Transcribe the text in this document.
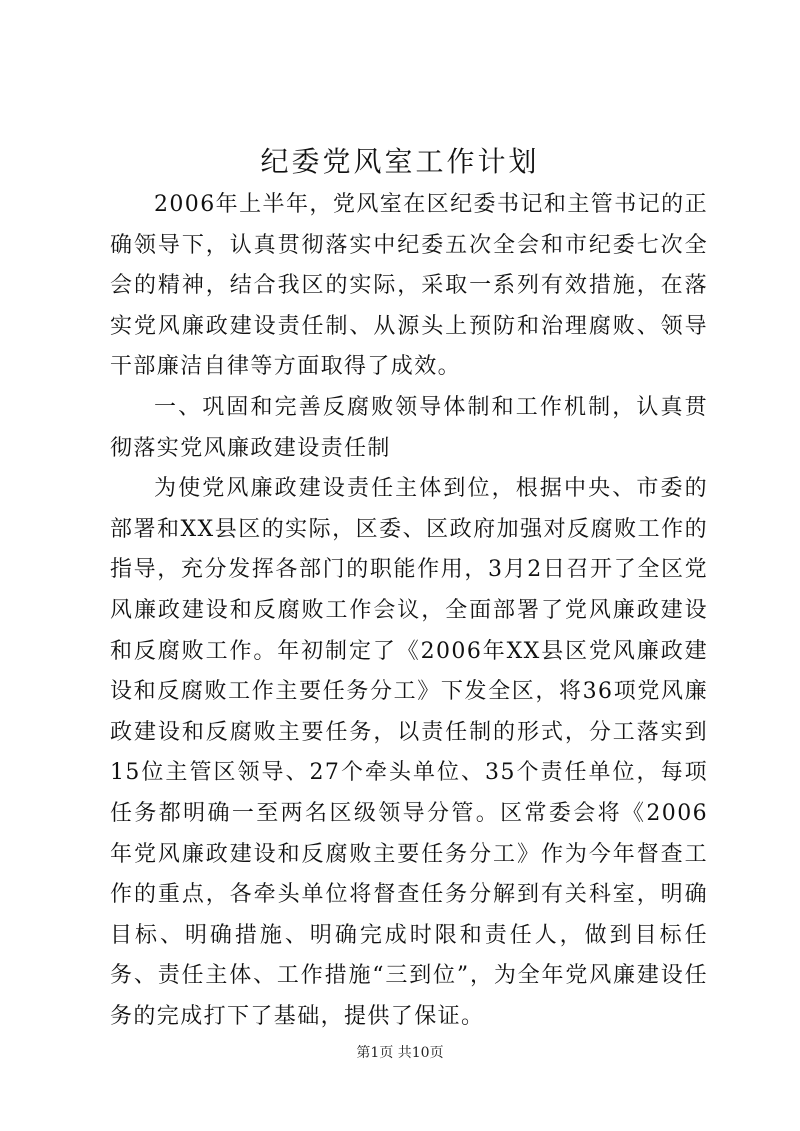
纪委党风室工作计划

2006年上半年，党风室在区纪委书记和主管书记的正确领导下，认真贯彻落实中纪委五次全会和市纪委七次全会的精神，结合我区的实际，采取一系列有效措施，在落实党风廉政建设责任制、从源头上预防和治理腐败、领导干部廉洁自律等方面取得了成效。

一、巩固和完善反腐败领导体制和工作机制，认真贯彻落实党风廉政建设责任制

为使党风廉政建设责任主体到位，根据中央、市委的部署和XX县区的实际，区委、区政府加强对反腐败工作的指导，充分发挥各部门的职能作用，3月2日召开了全区党风廉政建设和反腐败工作会议，全面部署了党风廉政建设和反腐败工作。年初制定了《2006年XX县区党风廉政建设和反腐败工作主要任务分工》下发全区，将36项党风廉政建设和反腐败主要任务，以责任制的形式，分工落实到15位主管区领导、27个牵头单位、35个责任单位，每项任务都明确一至两名区级领导分管。区常委会将《2006年党风廉政建设和反腐败主要任务分工》作为今年督查工作的重点，各牵头单位将督查任务分解到有关科室，明确目标、明确措施、明确完成时限和责任人，做到目标任务、责任主体、工作措施“三到位”，为全年党风廉建设任务的完成打下了基础，提供了保证。

第1页 共10页
